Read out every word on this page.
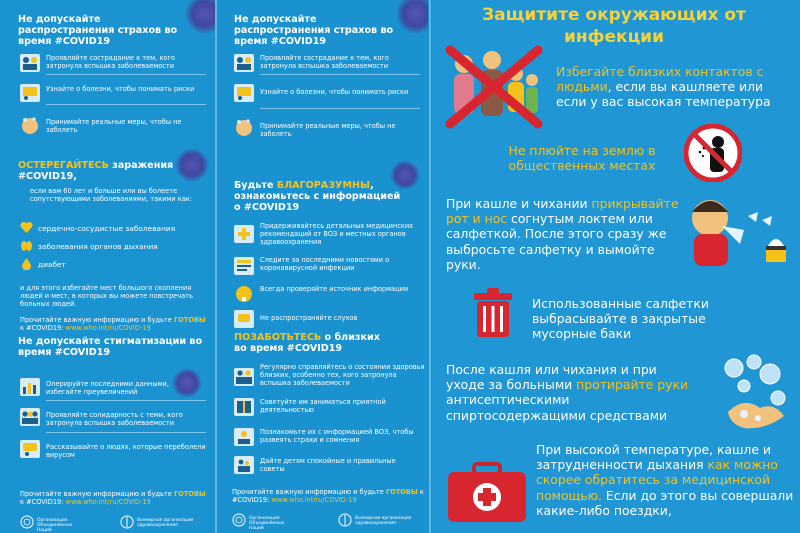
Не допускайте распространения страхов во время #COVID19
Проявляйте сострадание к тем, кого затронула вспышка заболеваемости
Узнайте о болезни, чтобы понимать риски
Принимайте реальные меры, чтобы не заболеть
ОСТЕРЕГАЙТЕСЬ заражения
#COVID19,
если вам 60 лет и больше или вы болеете сопутствующими заболеваниями, такими как:
сердечно-сосудистые заболевания
заболевания органов дыхания
диабет
и для этого избегайте мест большого скопления людей и мест, в которых вы можете повстречать больных людей.
Прочитайте важную информацию и будьте ГОТОВЫ к #COVID19: www.who.int/ru/COVID-19
Не допускайте стигматизации во время #COVID19
Оперируйте последними данными, избегайте преувеличений
Проявляйте солидарность с теми, кого затронула вспышка заболеваемости
Рассказывайте о людях, которые переболели вирусом
Прочитайте важную информацию и будьте ГОТОВЫ к #COVID19: www.who.int/ru/COVID-19
Организация Объединённых Наций
Всемирная организация здравоохранения
Не допускайте распространения страхов во время #COVID19
Проявляйте сострадание к тем, кого затронула вспышка заболеваемости
Узнайте о болезни, чтобы понимать риски
Принимайте реальные меры, чтобы не заболеть
Будьте БЛАГОРАЗУМНЫ,
ознакомьтесь с информацией
о #COVID19
Придерживайтесь детальных медицинских рекомендаций от ВОЗ и местных органов здравоохранения
Следите за последними новостями о коронавирусной инфекции
Всегда проверяйте источник информации
Не распространяйте слухов
ПОЗАБОТЬТЕСЬ о близких
во время #COVID19
Регулярно справляйтесь о состоянии здоровья близких, особенно тех, кого затронула вспышка заболеваемости
Советуйте им заниматься приятной деятельностью
Познакомьте их с информацией ВОЗ, чтобы развеять страхи и сомнения
Дайте детям спокойные и правильные советы
Прочитайте важную информацию и будьте ГОТОВЫ к #COVID19: www.who.int/ru/COVID-19
Организация Объединённых Наций
Всемирная организация здравоохранения
Защитите окружающих от инфекции
Избегайте близких контактов с людьми, если вы кашляете или если у вас высокая температура
Не плюйте на землю в общественных местах
При кашле и чихании прикрывайте рот и нос согнутым локтем или салфеткой. После этого сразу же выбросьте салфетку и вымойте руки.
Использованные салфетки выбрасывайте в закрытые мусорные баки
После кашля или чихания и при уходе за больными протирайте руки антисептическими спиртосодержащими средствами
При высокой температуре, кашле и затрудненности дыхания как можно скорее обратитесь за медицинской помощью. Если до этого вы совершали какие-либо поездки,
